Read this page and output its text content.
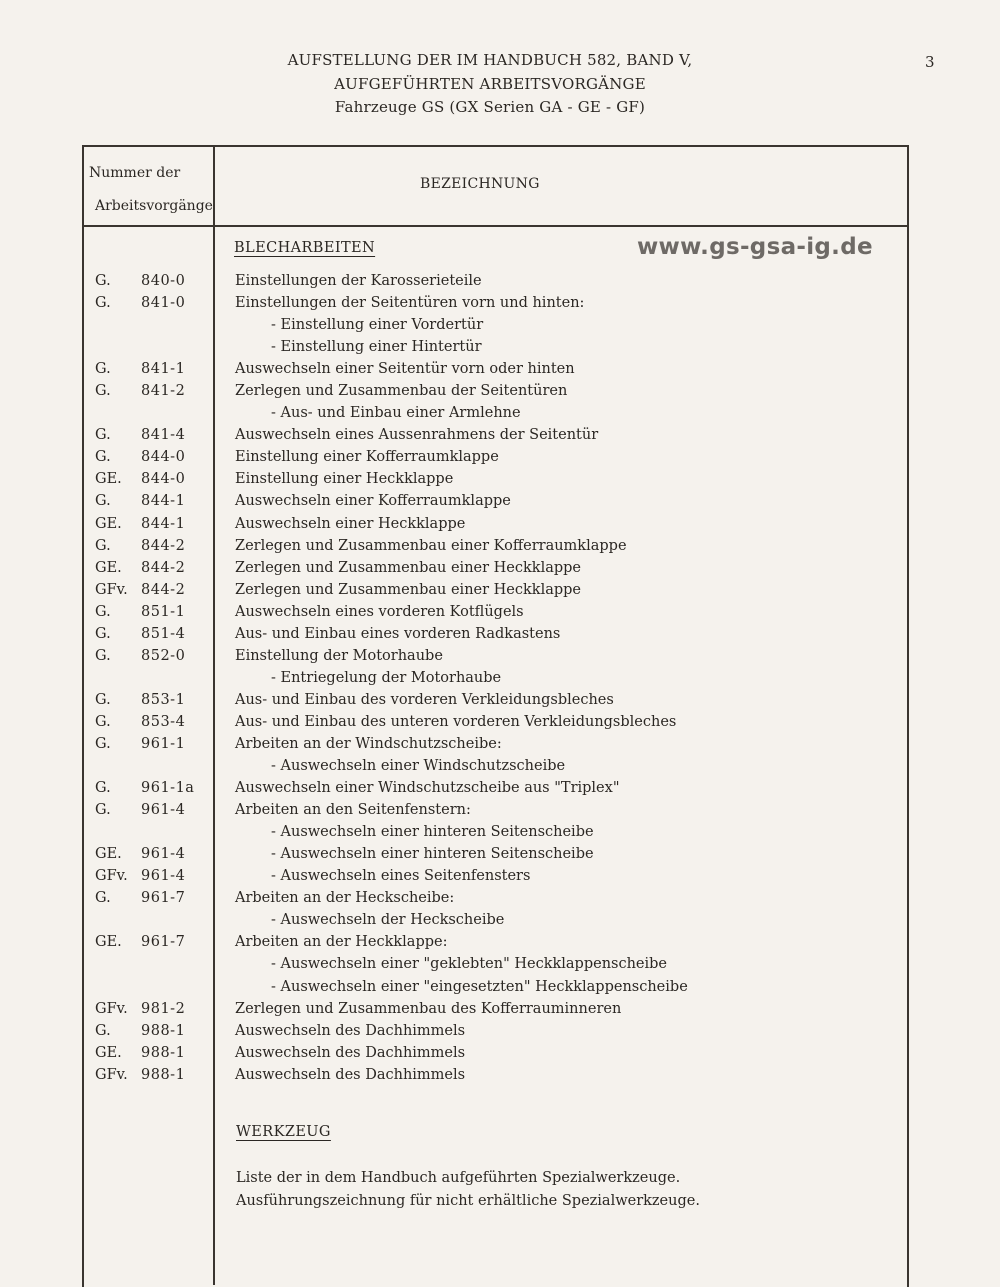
AUFSTELLUNG DER IM HANDBUCH 582, BAND V,
AUFGEFÜHRTEN ARBEITSVORGÄNGE
Fahrzeuge GS (GX Serien GA - GE - GF)
3
Nummer der
Arbeitsvorgänge
BEZEICHNUNG
www.gs-gsa-ig.de
BLECHARBEITEN
G. 840-0	Einstellungen der Karosserieteile
G. 841-0	Einstellungen der Seitentüren vorn und hinten:
- Einstellung einer Vordertür
- Einstellung einer Hintertür
G. 841-1	Auswechseln einer Seitentür vorn oder hinten
G. 841-2	Zerlegen und Zusammenbau der Seitentüren
- Aus- und Einbau einer Armlehne
G. 841-4	Auswechseln eines Aussenrahmens der Seitentür
G. 844-0	Einstellung einer Kofferraumklappe
GE. 844-0	Einstellung einer Heckklappe
G. 844-1	Auswechseln einer Kofferraumklappe
GE. 844-1	Auswechseln einer Heckklappe
G. 844-2	Zerlegen und Zusammenbau einer Kofferraumklappe
GE. 844-2	Zerlegen und Zusammenbau einer Heckklappe
GFv. 844-2	Zerlegen und Zusammenbau einer Heckklappe
G. 851-1	Auswechseln eines vorderen Kotflügels
G. 851-4	Aus- und Einbau eines vorderen Radkastens
G. 852-0	Einstellung der Motorhaube
- Entriegelung der Motorhaube
G. 853-1	Aus- und Einbau des vorderen Verkleidungsbleches
G. 853-4	Aus- und Einbau des unteren vorderen Verkleidungsbleches
G. 961-1	Arbeiten an der Windschutzscheibe:
- Auswechseln einer Windschutzscheibe
G. 961-1a	Auswechseln einer Windschutzscheibe aus "Triplex"
G. 961-4	Arbeiten an den Seitenfenstern:
- Auswechseln einer hinteren Seitenscheibe
GE. 961-4	- Auswechseln einer hinteren Seitenscheibe
GFv. 961-4	- Auswechseln eines Seitenfensters
G. 961-7	Arbeiten an der Heckscheibe:
- Auswechseln der Heckscheibe
GE. 961-7	Arbeiten an der Heckklappe:
- Auswechseln einer "geklebten" Heckklappenscheibe
- Auswechseln einer "eingesetzten" Heckklappenscheibe
GFv. 981-2	Zerlegen und Zusammenbau des Kofferrauminneren
G. 988-1	Auswechseln des Dachhimmels
GE. 988-1	Auswechseln des Dachhimmels
GFv. 988-1	Auswechseln des Dachhimmels
WERKZEUG
Liste der in dem Handbuch aufgeführten Spezialwerkzeuge.
Ausführungszeichnung für nicht erhältliche Spezialwerkzeuge.
